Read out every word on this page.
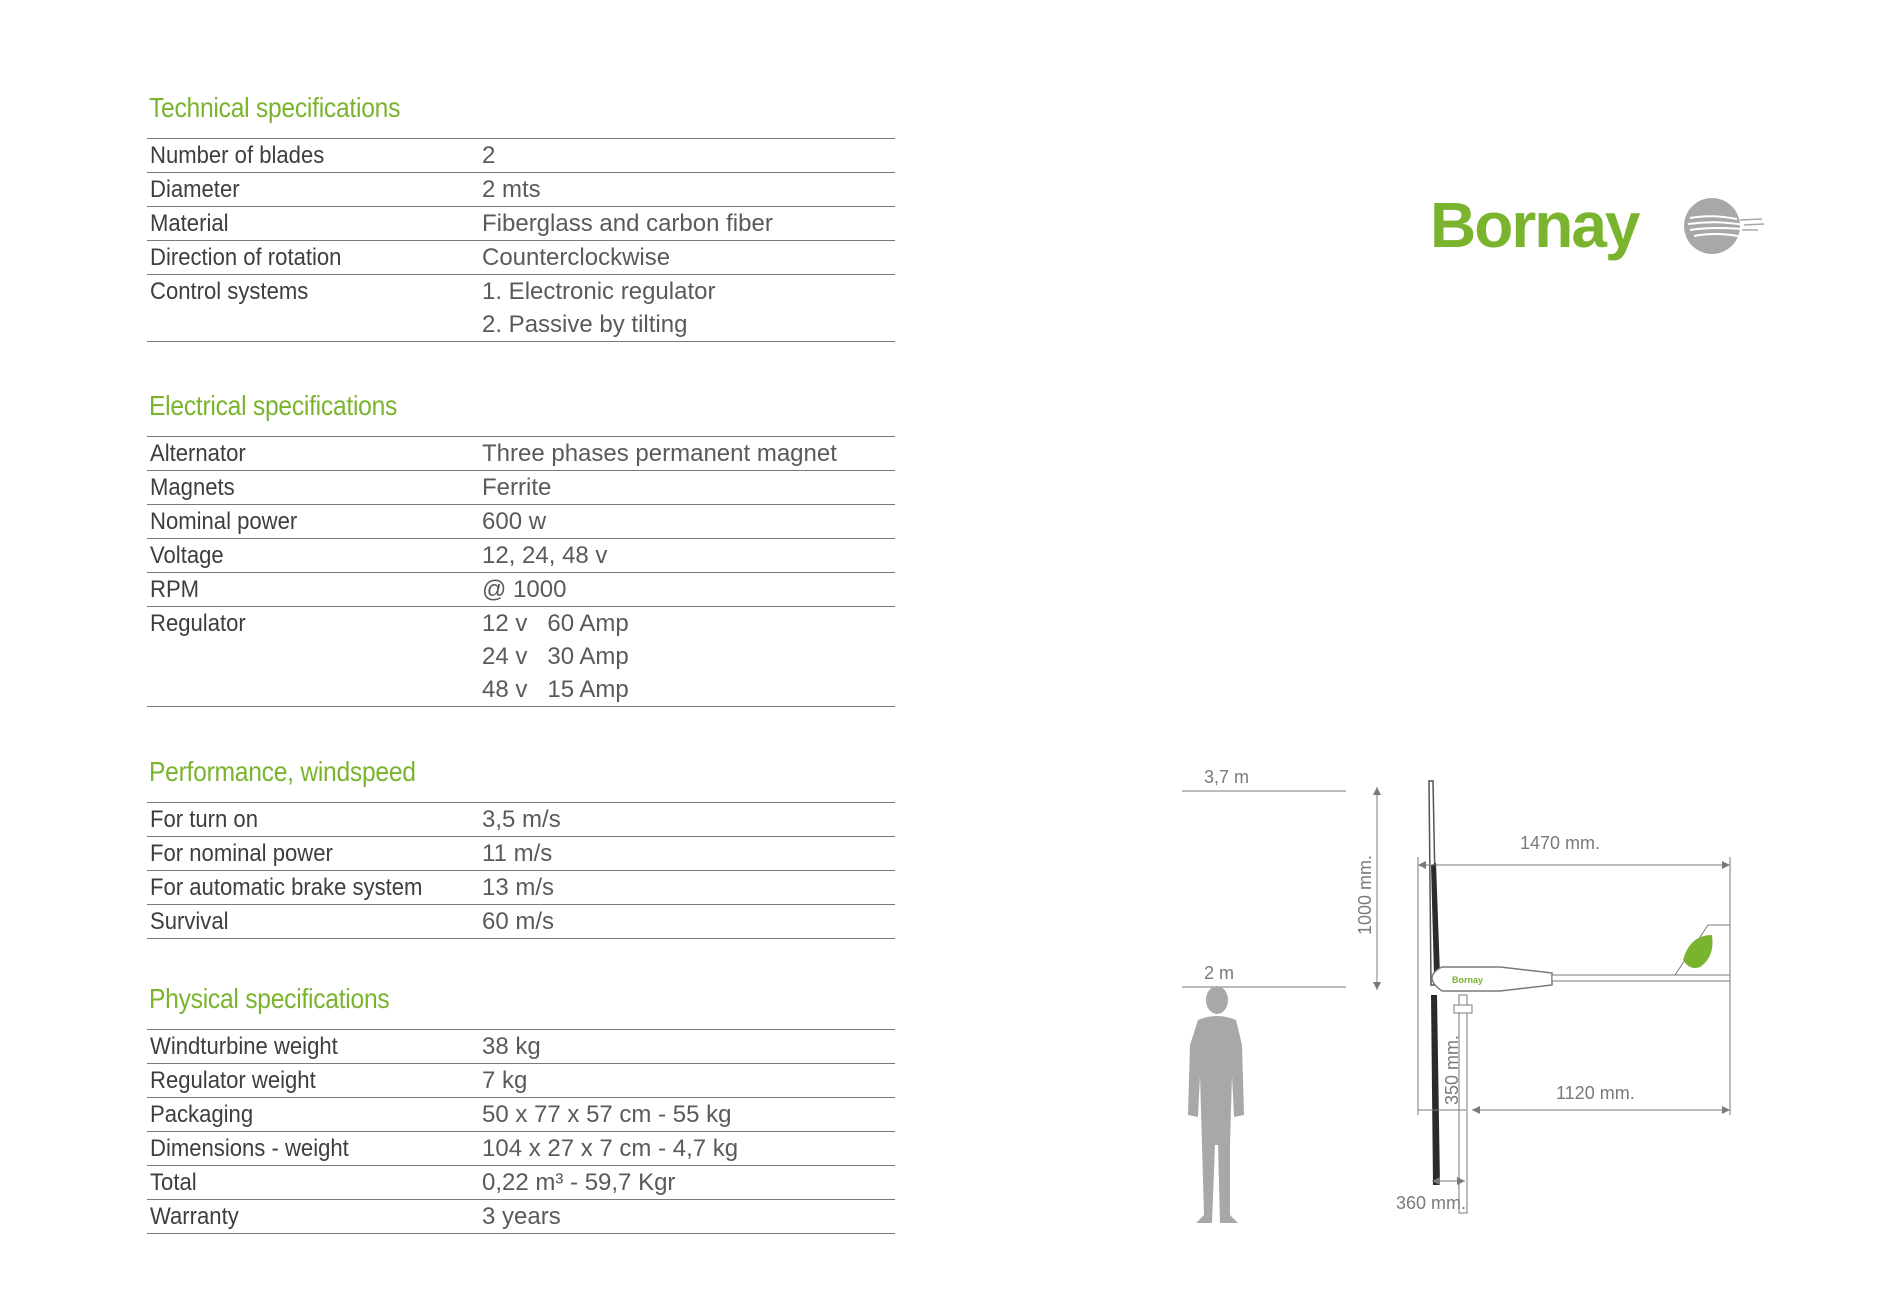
Technical specifications
Number of blades	2

Diameter	2 mts

Material	Fiberglass and carbon fiber

Direction of rotation	Counterclockwise

Control systems	1. Electronic regulator
2. Passive by tilting
Electrical specifications
Alternator	Three phases permanent magnet

Magnets	Ferrite

Nominal power	600 w

Voltage	12, 24, 48 v

RPM	@ 1000

Regulator	12 v   60 Amp
24 v   30 Amp
48 v   15 Amp
Performance, windspeed
For turn on	3,5 m/s

For nominal power	11 m/s

For automatic brake system	13 m/s

Survival	60 m/s
Physical specifications
Windturbine weight	38 kg

Regulator weight	7 kg

Packaging	50 x 77 x 57 cm - 55 kg

Dimensions - weight	104 x 27 x 7 cm - 4,7 kg

Total	0,22 m³ - 59,7 Kgr

Warranty	3 years
Bornay
3,7 m
2 m
1000 mm.
1470 mm.
Bornay
350 mm.	1120 mm.
360 mm.
